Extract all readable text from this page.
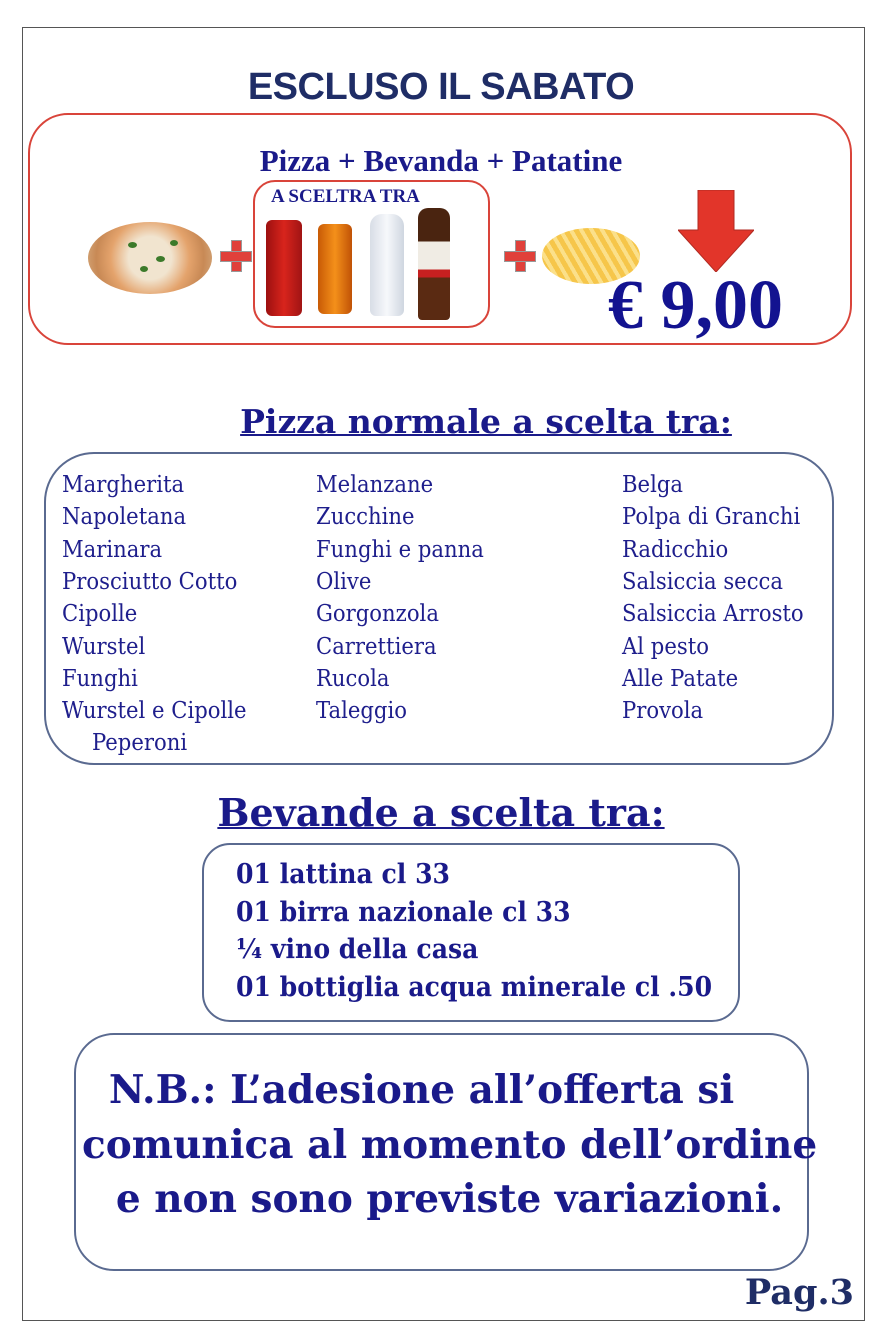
ESCLUSO IL SABATO
Pizza + Bevanda + Patatine
A SCELTRA TRA
€ 9,00
Pizza normale a scelta tra:
Margherita
Napoletana
Marinara
Prosciutto Cotto
Cipolle
Wurstel
Funghi
Wurstel e Cipolle
Peperoni
Melanzane
Zucchine
Funghi e panna
Olive
Gorgonzola
Carrettiera
Rucola
Taleggio
Belga
Polpa di Granchi
Radicchio
Salsiccia secca
Salsiccia Arrosto
Al pesto
Alle Patate
Provola
Bevande a scelta tra:
01 lattina cl 33
01 birra nazionale cl 33
¼ vino della casa
01 bottiglia acqua minerale cl .50
N.B.: L’adesione all’offerta si
comunica al momento dell’ordine
e non sono previste variazioni.
Pag.3
